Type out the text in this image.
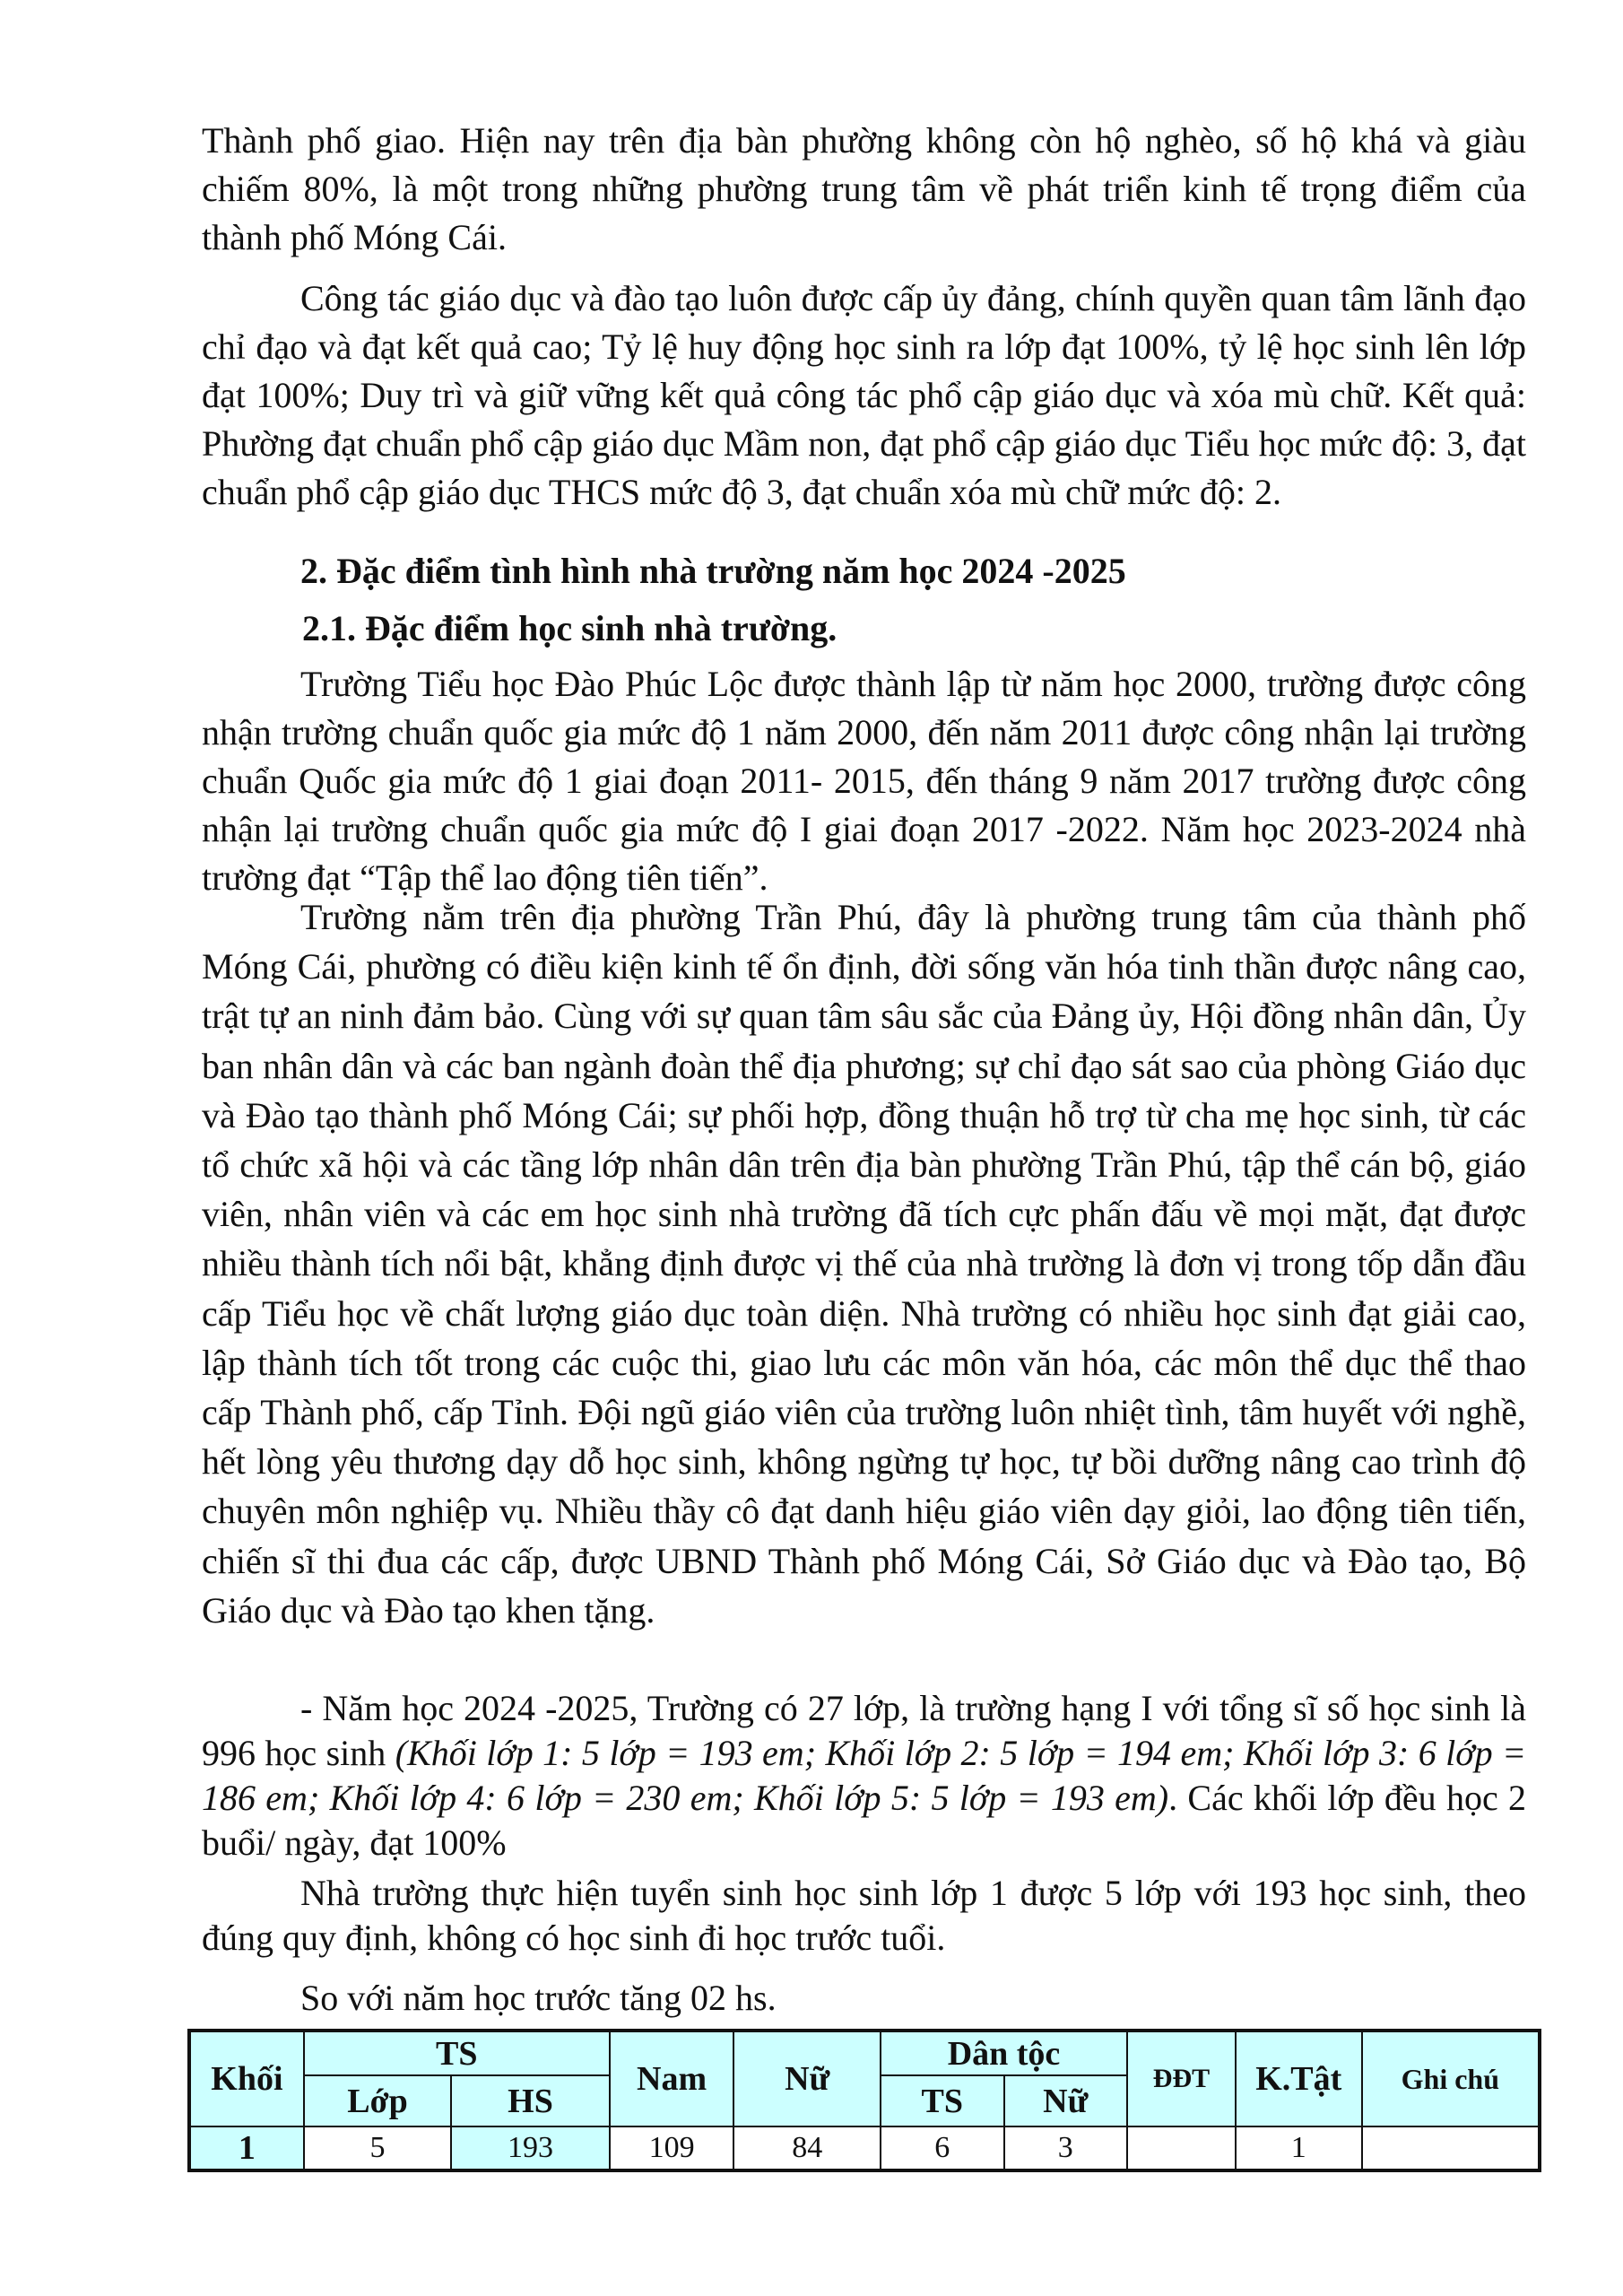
Thành phố giao. Hiện nay trên địa bàn phường không còn hộ nghèo, số hộ khá và giàu chiếm 80%, là một trong những phường trung tâm về phát triển kinh tế trọng điểm của thành phố Móng Cái.

Công tác giáo dục và đào tạo luôn được cấp ủy đảng, chính quyền quan tâm lãnh đạo chỉ đạo và đạt kết quả cao; Tỷ lệ huy động học sinh ra lớp đạt 100%, tỷ lệ học sinh lên lớp đạt 100%; Duy trì và giữ vững kết quả công tác phổ cập giáo dục và xóa mù chữ. Kết quả: Phường đạt chuẩn phổ cập giáo dục Mầm non, đạt phổ cập giáo dục Tiểu học mức độ: 3, đạt chuẩn phổ cập giáo dục THCS mức độ 3, đạt chuẩn xóa mù chữ mức độ: 2.

2. Đặc điểm tình hình nhà trường năm học 2024 -2025

2.1. Đặc điểm học sinh nhà trường.

Trường Tiểu học Đào Phúc Lộc được thành lập từ năm học 2000, trường được công nhận trường chuẩn quốc gia mức độ 1 năm 2000, đến năm 2011 được công nhận lại trường chuẩn Quốc gia mức độ 1 giai đoạn 2011- 2015, đến tháng 9 năm 2017 trường được công nhận lại trường chuẩn quốc gia mức độ I giai đoạn 2017 -2022. Năm học 2023-2024 nhà trường đạt “Tập thể lao động tiên tiến”.

Trường nằm trên địa phường Trần Phú, đây là phường trung tâm của thành phố Móng Cái, phường có điều kiện kinh tế ổn định, đời sống văn hóa tinh thần được nâng cao, trật tự an ninh đảm bảo. Cùng với sự quan tâm sâu sắc của Đảng ủy, Hội đồng nhân dân, Ủy ban nhân dân và các ban ngành đoàn thể địa phương; sự chỉ đạo sát sao của phòng Giáo dục và Đào tạo thành phố Móng Cái; sự phối hợp, đồng thuận hỗ trợ từ cha mẹ học sinh, từ các tổ chức xã hội và các tầng lớp nhân dân trên địa bàn phường Trần Phú, tập thể cán bộ, giáo viên, nhân viên và các em học sinh nhà trường đã tích cực phấn đấu về mọi mặt, đạt được nhiều thành tích nổi bật, khẳng định được vị thế của nhà trường là đơn vị trong tốp dẫn đầu cấp Tiểu học về chất lượng giáo dục toàn diện. Nhà trường có nhiều học sinh đạt giải cao, lập thành tích tốt trong các cuộc thi, giao lưu các môn văn hóa, các môn thể dục thể thao cấp Thành phố, cấp Tỉnh. Đội ngũ giáo viên của trường luôn nhiệt tình, tâm huyết với nghề, hết lòng yêu thương dạy dỗ học sinh, không ngừng tự học, tự bồi dưỡng nâng cao trình độ chuyên môn nghiệp vụ. Nhiều thầy cô đạt danh hiệu giáo viên dạy giỏi, lao động tiên tiến, chiến sĩ thi đua các cấp, được UBND Thành phố Móng Cái, Sở Giáo dục và Đào tạo, Bộ Giáo dục và Đào tạo khen tặng.

- Năm học 2024 -2025, Trường có 27 lớp, là trường hạng I với tổng sĩ số học sinh là 996 học sinh (Khối lớp 1: 5 lớp = 193 em; Khối lớp 2: 5 lớp = 194 em; Khối lớp 3: 6 lớp = 186 em; Khối lớp 4: 6 lớp = 230 em; Khối lớp 5: 5 lớp = 193 em). Các khối lớp đều học 2 buổi/ ngày, đạt 100%

Nhà trường thực hiện tuyển sinh học sinh lớp 1 được 5 lớp với 193 học sinh, theo đúng quy định, không có học sinh đi học trước tuổi.

So với năm học trước tăng 02 hs.

Khối	TS		Nam	Nữ	Dân tộc		ĐĐT	K.Tật	Ghi chú
	Lớp	HS			TS	Nữ			
1	5	193	109	84	6	3		1	
